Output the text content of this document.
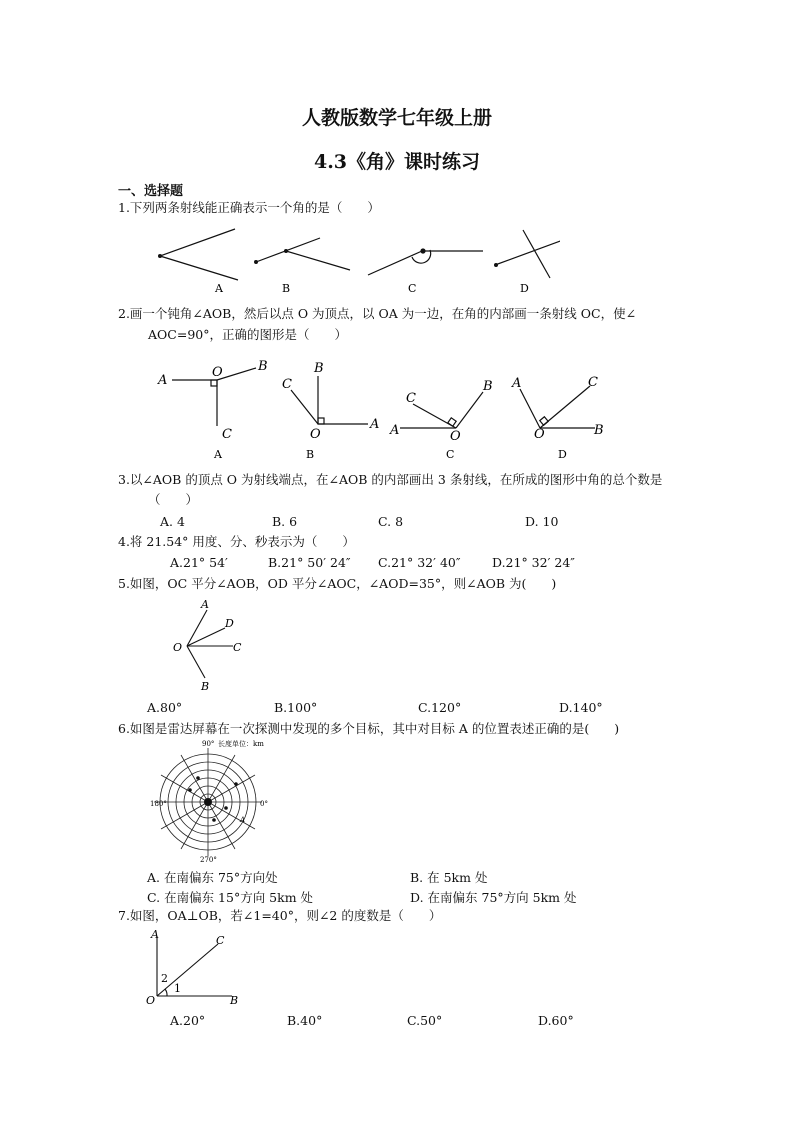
人教版数学七年级上册
4.3《角》课时练习
一、选择题
1.下列两条射线能正确表示一个角的是（　　）
A	B	C	D
2.画一个钝角∠AOB，然后以点 O 为顶点，以 OA 为一边，在角的内部画一条射线 OC，使∠
AOC=90°，正确的图形是（　　）
A
O	B
C
C
B
O
A
C
B
A	O
A	C
O	B
A	B	C	D
3.以∠AOB 的顶点 O 为射线端点，在∠AOB 的内部画出 3 条射线，在所成的图形中角的总个数是
（　　）
A. 4	B. 6	C. 8	D. 10
4.将 21.54° 用度、分、秒表示为（　　）
A.21° 54′	B.21° 50′ 24″ C.21° 32′ 40″	D.21° 32′ 24″
5.如图，OC 平分∠AOB，OD 平分∠AOC，∠AOD=35°，则∠AOB 为(　　)
A
D
O	C
B
A.80°	B.100°	C.120°	D.140°
6.如图是雷达屏幕在一次探测中发现的多个目标，其中对目标 A 的位置表述正确的是(　　)
90° 长度单位：km
180°	0°
270°
A
A. 在南偏东 75°方向处	B. 在 5km 处
C. 在南偏东 15°方向 5km 处	D. 在南偏东 75°方向 5km 处
7.如图，OA⊥OB，若∠1=40°，则∠2 的度数是（　　）
A	C
2
1
O	B
A.20°	B.40°	C.50°	D.60°
